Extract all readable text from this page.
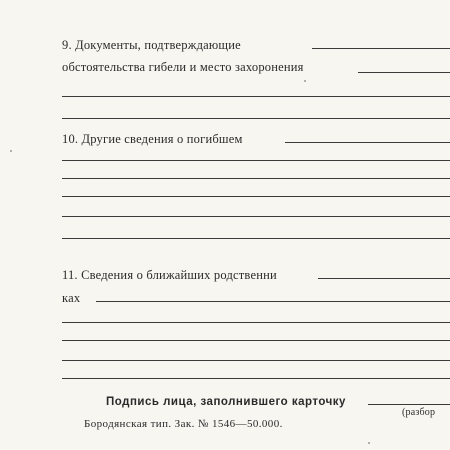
9. Документы, подтверждающие
обстоятельства гибели и место захоронения
10. Другие сведения о погибшем
11. Сведения о ближайших родственни
ках
Подпись лица, заполнившего карточку
(разбор
Бородянская тип. Зак. № 1546—50.000.
